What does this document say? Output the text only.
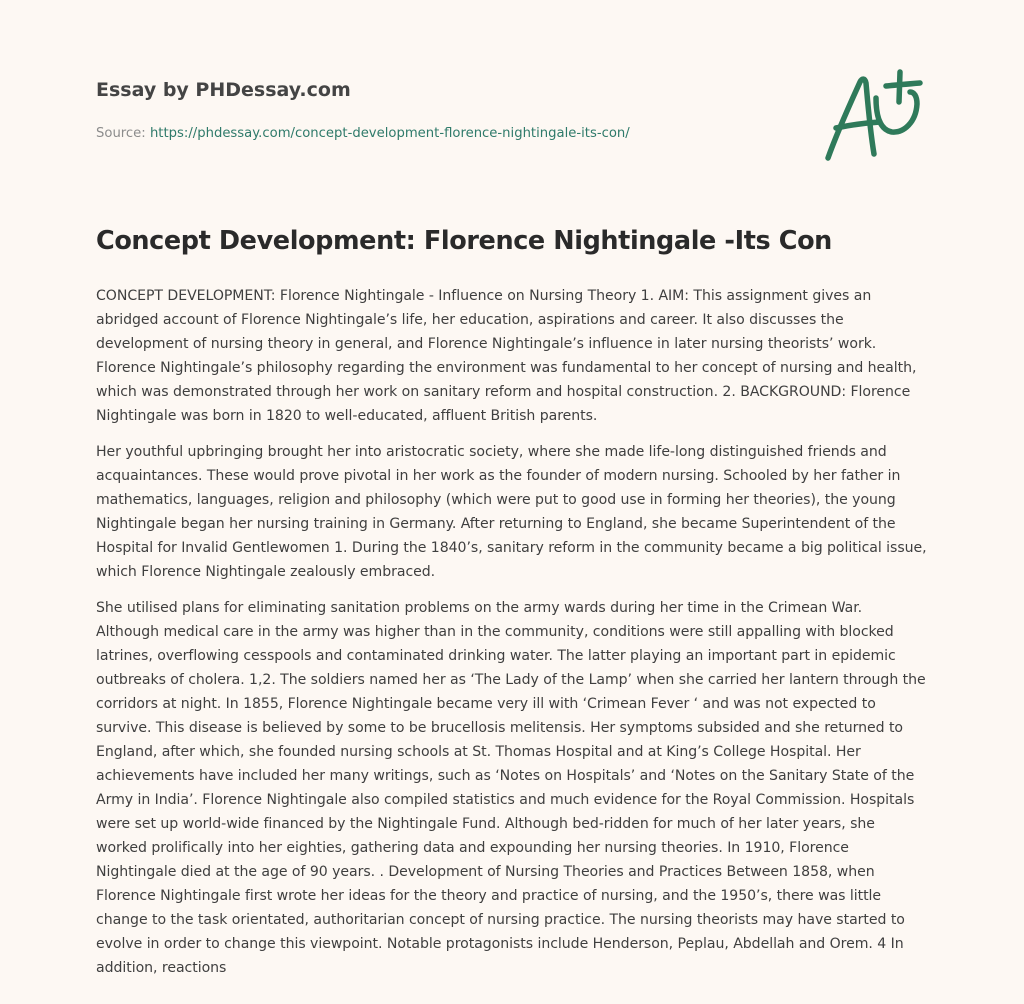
Essay by PHDessay.com
Source: https://phdessay.com/concept-development-florence-nightingale-its-con/
Concept Development: Florence Nightingale -Its Con

CONCEPT DEVELOPMENT: Florence Nightingale - Influence on Nursing Theory 1. AIM: This assignment gives an abridged account of Florence Nightingale’s life, her education, aspirations and career. It also discusses the development of nursing theory in general, and Florence Nightingale’s influence in later nursing theorists’ work. Florence Nightingale’s philosophy regarding the environment was fundamental to her concept of nursing and health, which was demonstrated through her work on sanitary reform and hospital construction. 2. BACKGROUND: Florence Nightingale was born in 1820 to well-educated, affluent British parents.

Her youthful upbringing brought her into aristocratic society, where she made life-long distinguished friends and acquaintances. These would prove pivotal in her work as the founder of modern nursing. Schooled by her father in mathematics, languages, religion and philosophy (which were put to good use in forming her theories), the young Nightingale began her nursing training in Germany. After returning to England, she became Superintendent of the Hospital for Invalid Gentlewomen 1. During the 1840’s, sanitary reform in the community became a big political issue, which Florence Nightingale zealously embraced.

She utilised plans for eliminating sanitation problems on the army wards during her time in the Crimean War. Although medical care in the army was higher than in the community, conditions were still appalling with blocked latrines, overflowing cesspools and contaminated drinking water. The latter playing an important part in epidemic outbreaks of cholera. 1,2. The soldiers named her as ‘The Lady of the Lamp’ when she carried her lantern through the corridors at night. In 1855, Florence Nightingale became very ill with ‘Crimean Fever ‘ and was not expected to survive. This disease is believed by some to be brucellosis melitensis. Her symptoms subsided and she returned to England, after which, she founded nursing schools at St. Thomas Hospital and at King’s College Hospital. Her achievements have included her many writings, such as ‘Notes on Hospitals’ and ‘Notes on the Sanitary State of the Army in India’. Florence Nightingale also compiled statistics and much evidence for the Royal Commission. Hospitals were set up world-wide financed by the Nightingale Fund. Although bed-ridden for much of her later years, she worked prolifically into her eighties, gathering data and expounding her nursing theories. In 1910, Florence Nightingale died at the age of 90 years. . Development of Nursing Theories and Practices Between 1858, when Florence Nightingale first wrote her ideas for the theory and practice of nursing, and the 1950’s, there was little change to the task orientated, authoritarian concept of nursing practice. The nursing theorists may have started to evolve in order to change this viewpoint. Notable protagonists include Henderson, Peplau, Abdellah and Orem. 4 In addition, reactions
